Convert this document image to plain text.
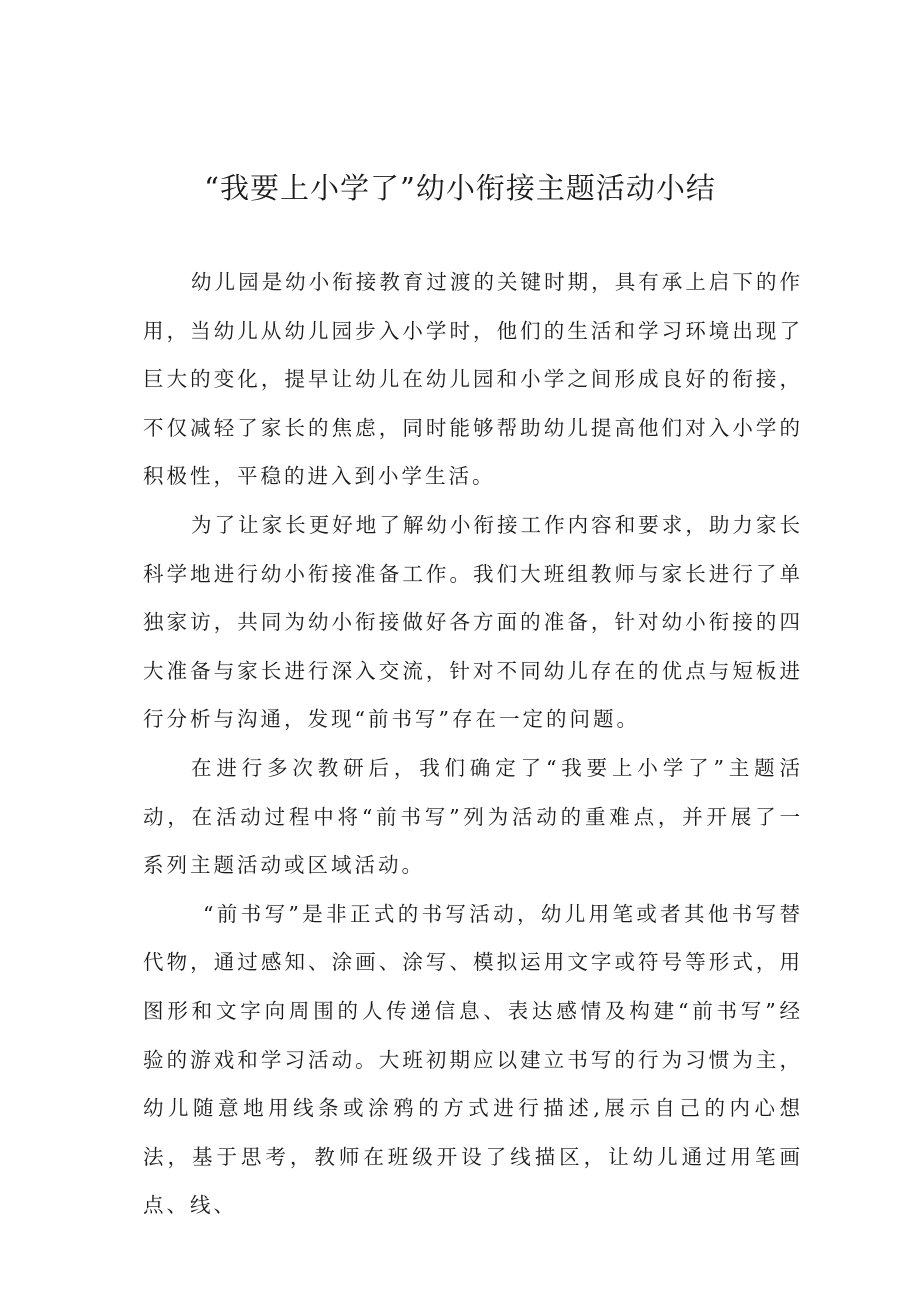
“我要上小学了”幼小衔接主题活动小结

幼儿园是幼小衔接教育过渡的关键时期，具有承上启下的作用，当幼儿从幼儿园步入小学时，他们的生活和学习环境出现了巨大的变化，提早让幼儿在幼儿园和小学之间形成良好的衔接，不仅减轻了家长的焦虑，同时能够帮助幼儿提高他们对入小学的积极性，平稳的进入到小学生活。

为了让家长更好地了解幼小衔接工作内容和要求，助力家长科学地进行幼小衔接准备工作。我们大班组教师与家长进行了单独家访，共同为幼小衔接做好各方面的准备，针对幼小衔接的四大准备与家长进行深入交流，针对不同幼儿存在的优点与短板进行分析与沟通，发现“前书写”存在一定的问题。

在进行多次教研后，我们确定了“我要上小学了”主题活动，在活动过程中将“前书写”列为活动的重难点，并开展了一系列主题活动或区域活动。

“前书写”是非正式的书写活动，幼儿用笔或者其他书写替代物，通过感知、涂画、涂写、模拟运用文字或符号等形式，用图形和文字向周围的人传递信息、表达感情及构建“前书写”经验的游戏和学习活动。大班初期应以建立书写的行为习惯为主，幼儿随意地用线条或涂鸦的方式进行描述,展示自己的内心想法，基于思考，教师在班级开设了线描区，让幼儿通过用笔画点、线、
